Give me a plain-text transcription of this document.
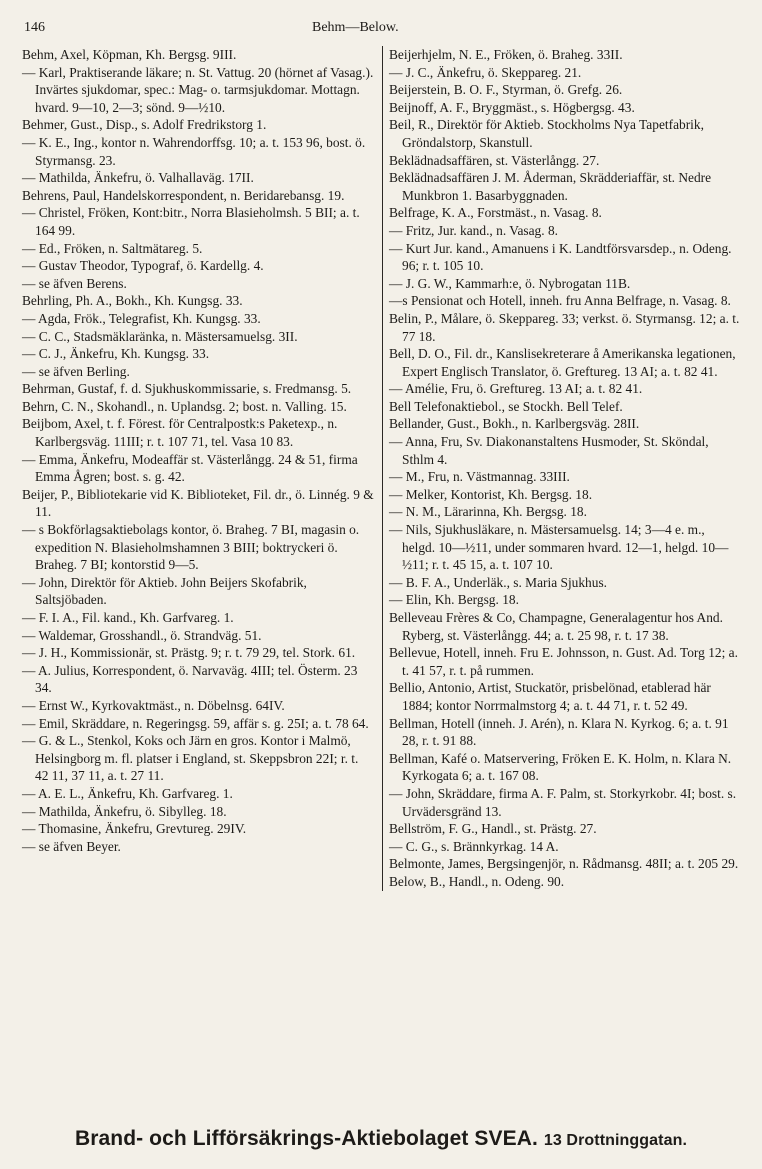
146	Behm—Below.

Behm, Axel, Köpman, Kh. Bergsg. 9III.

— Karl, Praktiserande läkare; n. St. Vattug. 20 (hörnet af Vasag.). Invärtes sjukdomar, spec.: Mag- o. tarmsjukdomar. Mottagn. hvard. 9—10, 2—3; sönd. 9—½10.

Behmer, Gust., Disp., s. Adolf Fredrikstorg 1.

— K. E., Ing., kontor n. Wahrendorffsg. 10; a. t. 153 96, bost. ö. Styrmansg. 23.

— Mathilda, Änkefru, ö. Valhallaväg. 17II.

Behrens, Paul, Handelskorrespondent, n. Beridarebansg. 19.

— Christel, Fröken, Kont:bitr., Norra Blasieholmsh. 5 BII; a. t. 164 99.

— Ed., Fröken, n. Saltmätareg. 5.

— Gustav Theodor, Typograf, ö. Kardellg. 4.

— se äfven Berens.

Behrling, Ph. A., Bokh., Kh. Kungsg. 33.

— Agda, Frök., Telegrafist, Kh. Kungsg. 33.

— C. C., Stadsmäklaränka, n. Mästersamuelsg. 3II.

— C. J., Änkefru, Kh. Kungsg. 33.

— se äfven Berling.

Behrman, Gustaf, f. d. Sjukhuskommissarie, s. Fredmansg. 5.

Behrn, C. N., Skohandl., n. Uplandsg. 2; bost. n. Valling. 15.

Beijbom, Axel, t. f. Förest. för Centralpostk:s Paketexp., n. Karlbergsväg. 11III; r. t. 107 71, tel. Vasa 10 83.

— Emma, Änkefru, Modeaffär st. Västerlångg. 24 & 51, firma Emma Ågren; bost. s. g. 42.

Beijer, P., Bibliotekarie vid K. Biblioteket, Fil. dr., ö. Linnég. 9 & 11.

— s Bokförlagsaktiebolags kontor, ö. Braheg. 7 BI, magasin o. expedition N. Blasieholmshamnen 3 BIII; boktryckeri ö. Braheg. 7 BI; kontorstid 9—5.

— John, Direktör för Aktieb. John Beijers Skofabrik, Saltsjöbaden.

— F. I. A., Fil. kand., Kh. Garfvareg. 1.

— Waldemar, Grosshandl., ö. Strandväg. 51.

— J. H., Kommissionär, st. Prästg. 9; r. t. 79 29, tel. Stork. 61.

— A. Julius, Korrespondent, ö. Narvaväg. 4III; tel. Österm. 23 34.

— Ernst W., Kyrkovaktmäst., n. Döbelnsg. 64IV.

— Emil, Skräddare, n. Regeringsg. 59, affär s. g. 25I; a. t. 78 64.

— G. & L., Stenkol, Koks och Järn en gros. Kontor i Malmö, Helsingborg m. fl. platser i England, st. Skeppsbron 22I; r. t. 42 11, 37 11, a. t. 27 11.

— A. E. L., Änkefru, Kh. Garfvareg. 1.

— Mathilda, Änkefru, ö. Sibylleg. 18.

— Thomasine, Änkefru, Grevtureg. 29IV.

— se äfven Beyer.

Beijerhjelm, N. E., Fröken, ö. Braheg. 33II.

— J. C., Änkefru, ö. Skeppareg. 21.

Beijerstein, B. O. F., Styrman, ö. Grefg. 26.

Beijnoff, A. F., Bryggmäst., s. Högbergsg. 43.

Beil, R., Direktör för Aktieb. Stockholms Nya Tapetfabrik, Gröndalstorp, Skanstull.

Beklädnadsaffären, st. Västerlångg. 27.

Beklädnadsaffären J. M. Åderman, Skrädderiaffär, st. Nedre Munkbron 1. Basarbyggnaden.

Belfrage, K. A., Forstmäst., n. Vasag. 8.

— Fritz, Jur. kand., n. Vasag. 8.

— Kurt Jur. kand., Amanuens i K. Landtförsvarsdep., n. Odeng. 96; r. t. 105 10.

— J. G. W., Kammarh:e, ö. Nybrogatan 11B.

—s Pensionat och Hotell, inneh. fru Anna Belfrage, n. Vasag. 8.

Belin, P., Målare, ö. Skeppareg. 33; verkst. ö. Styrmansg. 12; a. t. 77 18.

Bell, D. O., Fil. dr., Kanslisekreterare å Amerikanska legationen, Expert Englisch Translator, ö. Greftureg. 13 AI; a. t. 82 41.

— Amélie, Fru, ö. Greftureg. 13 AI; a. t. 82 41.

Bell Telefonaktiebol., se Stockh. Bell Telef.

Bellander, Gust., Bokh., n. Karlbergsväg. 28II.

— Anna, Fru, Sv. Diakonanstaltens Husmoder, St. Sköndal, Sthlm 4.

— M., Fru, n. Västmannag. 33III.

— Melker, Kontorist, Kh. Bergsg. 18.

— N. M., Lärarinna, Kh. Bergsg. 18.

— Nils, Sjukhusläkare, n. Mästersamuelsg. 14; 3—4 e. m., helgd. 10—½11, under sommaren hvard. 12—1, helgd. 10—½11; r. t. 45 15, a. t. 107 10.

— B. F. A., Underläk., s. Maria Sjukhus.

— Elin, Kh. Bergsg. 18.

Belleveau Frères & Co, Champagne, Generalagentur hos And. Ryberg, st. Västerlångg. 44; a. t. 25 98, r. t. 17 38.

Bellevue, Hotell, inneh. Fru E. Johnsson, n. Gust. Ad. Torg 12; a. t. 41 57, r. t. på rummen.

Bellio, Antonio, Artist, Stuckatör, prisbelönad, etablerad här 1884; kontor Norrmalmstorg 4; a. t. 44 71, r. t. 52 49.

Bellman, Hotell (inneh. J. Arén), n. Klara N. Kyrkog. 6; a. t. 91 28, r. t. 91 88.

Bellman, Kafé o. Matservering, Fröken E. K. Holm, n. Klara N. Kyrkogata 6; a. t. 167 08.

— John, Skräddare, firma A. F. Palm, st. Storkyrkobr. 4I; bost. s. Urvädersgränd 13.

Bellström, F. G., Handl., st. Prästg. 27.

— C. G., s. Brännkyrkag. 14 A.

Belmonte, James, Bergsingenjör, n. Rådmansg. 48II; a. t. 205 29.

Below, B., Handl., n. Odeng. 90.

Brand- och Lifförsäkrings-Aktiebolaget SVEA. 13 Drottninggatan.
